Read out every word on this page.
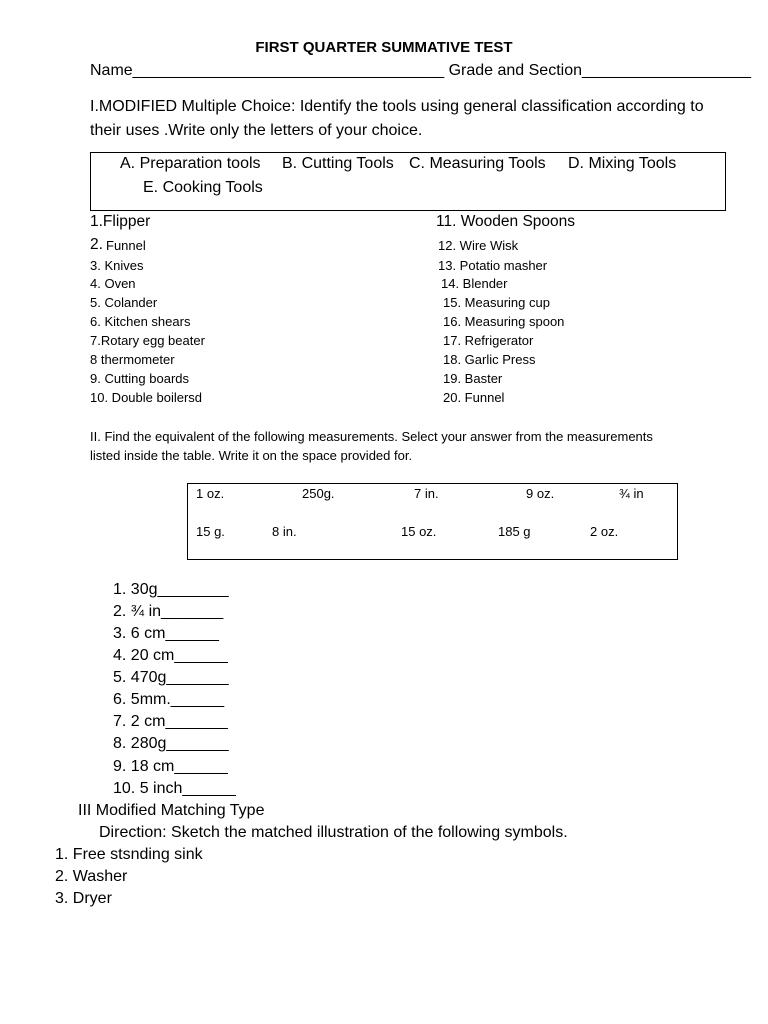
FIRST QUARTER SUMMATIVE TEST
Name___________________________________ Grade and Section___________________
I.MODIFIED Multiple Choice: Identify the tools using general classification according to
their uses .Write only the letters of your choice.
A. Preparation tools B. Cutting Tools C. Measuring Tools D. Mixing Tools
E. Cooking Tools
1.Flipper
2. Funnel
3. Knives
4. Oven
5. Colander
6. Kitchen shears
7.Rotary egg beater
8 thermometer
9. Cutting boards
10. Double boilersd
11. Wooden Spoons
12. Wire Wisk
13. Potatio masher
14. Blender
15. Measuring cup
16. Measuring spoon
17. Refrigerator
18. Garlic Press
19. Baster
20. Funnel
II. Find the equivalent of the following measurements. Select your answer from the measurements
listed inside the table. Write it on the space provided for.
1 oz.	250g.	7 in.	9 oz.	¾ in
15 g.	8 in.	15 oz.	185 g	2 oz.
1. 30g________
2. ¾ in_______
3. 6 cm______
4. 20 cm______
5. 470g_______
6. 5mm.______
7. 2 cm_______
8. 280g_______
9. 18 cm______
10. 5 inch______
III Modified Matching Type
Direction: Sketch the matched illustration of the following symbols.
1. Free stsnding sink
2. Washer
3. Dryer
